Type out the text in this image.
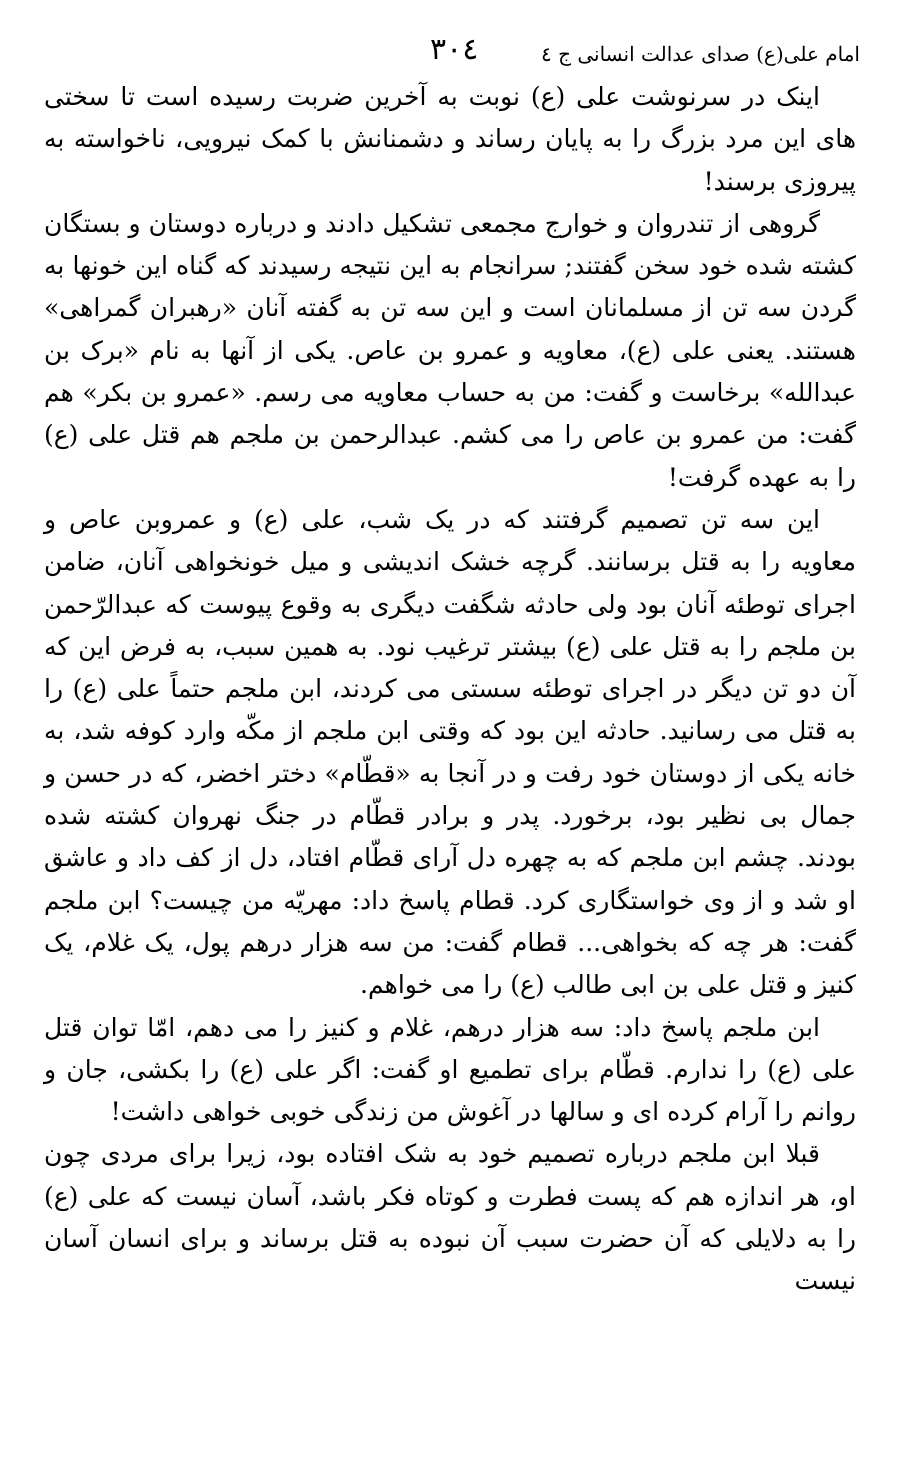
امام علی(ع) صدای عدالت انسانی ج ٤
٣٠٤

اینک در سرنوشت علی (ع) نوبت به آخرین ضربت رسیده است تا سختی های این مرد بزرگ را به پایان رساند و دشمنانش با کمک نیرویی، ناخواسته به پیروزی برسند!

گروهی از تندروان و خوارج مجمعی تشکیل دادند و درباره دوستان و بستگان کشته شده خود سخن گفتند; سرانجام به این نتیجه رسیدند که گناه این خونها به گردن سه تن از مسلمانان است و این سه تن به گفته آنان «رهبران گمراهی» هستند. یعنی علی (ع)، معاویه و عمرو بن عاص. یکی از آنها به نام «برک بن عبدالله» برخاست و گفت: من به حساب معاویه می رسم. «عمرو بن بکر» هم گفت: من عمرو بن عاص را می کشم. عبدالرحمن بن ملجم هم قتل علی (ع) را به عهده گرفت!

این سه تن تصمیم گرفتند که در یک شب، علی (ع) و عمروبن عاص و معاویه را به قتل برسانند. گرچه خشک اندیشی و میل خونخواهی آنان، ضامن اجرای توطئه آنان بود ولی حادثه شگفت دیگری به وقوع پیوست که عبدالرّحمن بن ملجم را به قتل علی (ع) بیشتر ترغیب نود. به همین سبب، به فرض این که آن دو تن دیگر در اجرای توطئه سستی می کردند، ابن ملجم حتماً علی (ع) را به قتل می رسانید. حادثه این بود که وقتی ابن ملجم از مکّه وارد کوفه شد، به خانه یکی از دوستان خود رفت و در آنجا به «قطّام» دختر اخضر، که در حسن و جمال بی نظیر بود، برخورد. پدر و برادر قطّام در جنگ نهروان کشته شده بودند. چشم ابن ملجم که به چهره دل آرای قطّام افتاد، دل از کف داد و عاشق او شد و از وی خواستگاری کرد. قطام پاسخ داد: مهریّه من چیست؟ ابن ملجم گفت: هر چه که بخواهی... قطام گفت: من سه هزار درهم پول، یک غلام، یک کنیز و قتل علی بن ابی طالب (ع) را می خواهم.

ابن ملجم پاسخ داد: سه هزار درهم، غلام و کنیز را می دهم، امّا توان قتل علی (ع) را ندارم. قطّام برای تطمیع او گفت: اگر علی (ع) را بکشی، جان و روانم را آرام کرده ای و سالها در آغوش من زندگی خوبی خواهی داشت!

قبلا ابن ملجم درباره تصمیم خود به شک افتاده بود، زیرا برای مردی چون او، هر اندازه هم که پست فطرت و کوتاه فکر باشد، آسان نیست که علی (ع) را به دلایلی که آن حضرت سبب آن نبوده به قتل برساند و برای انسان آسان نیست
